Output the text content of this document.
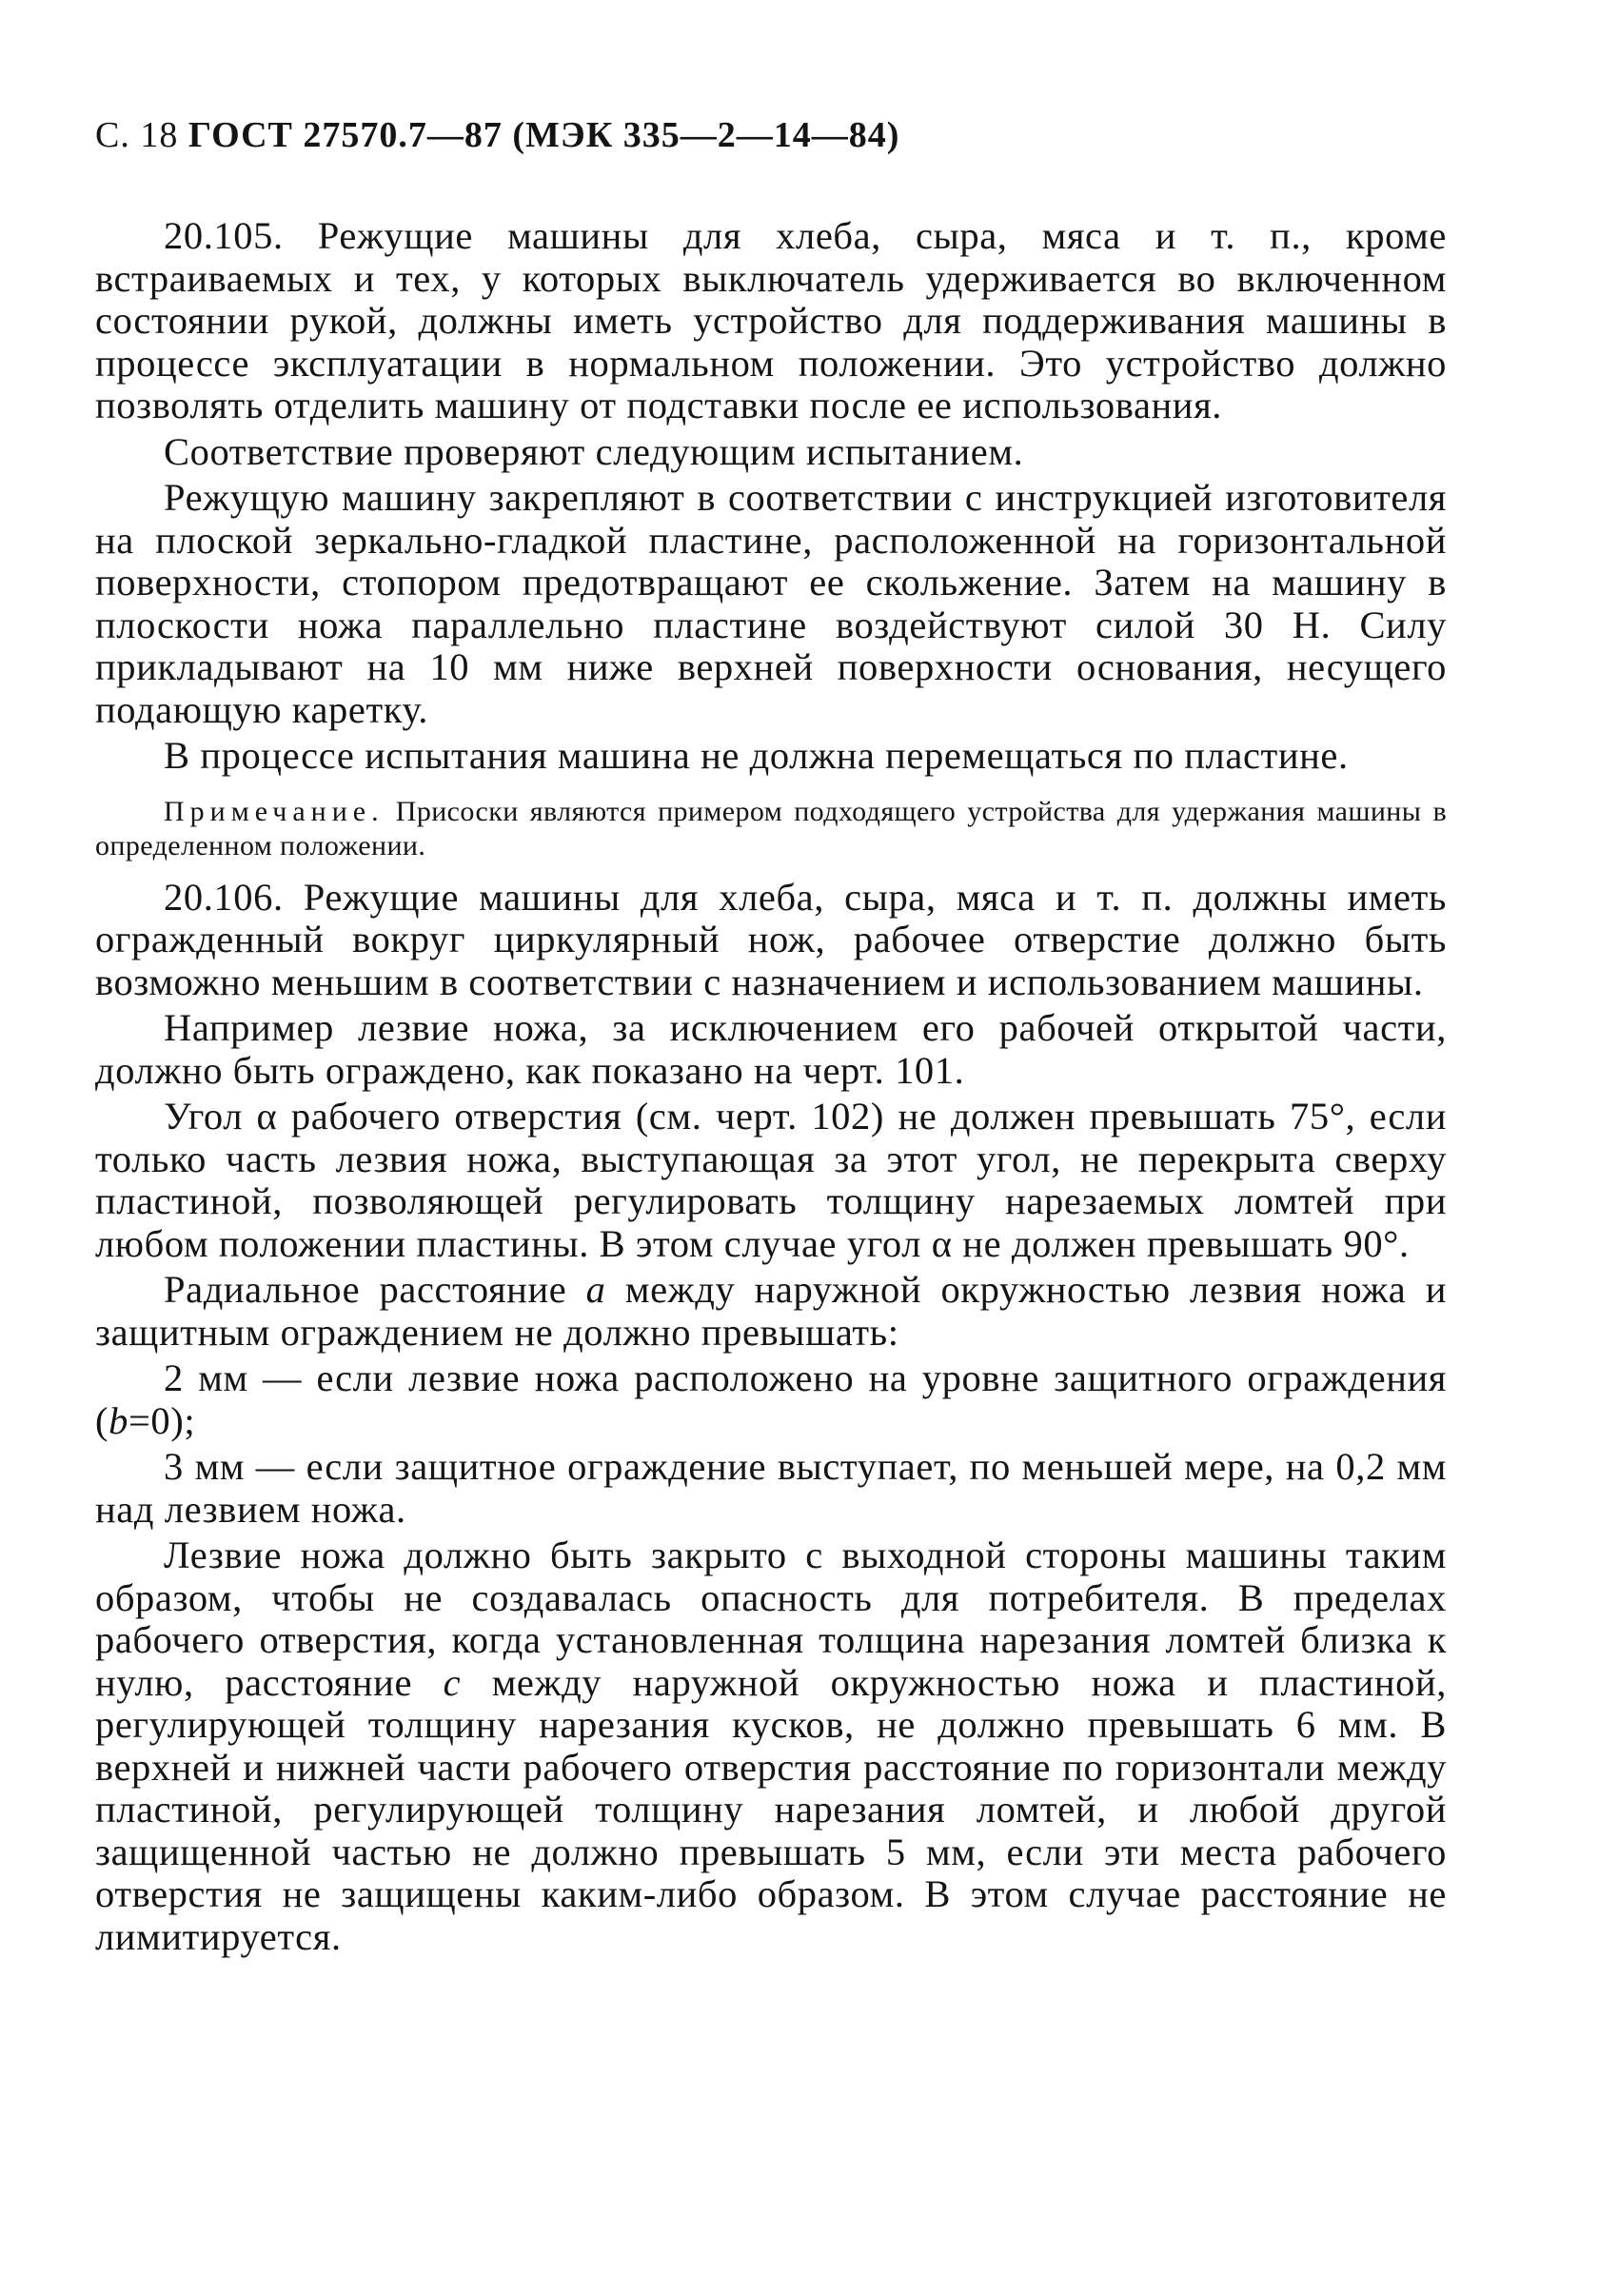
С. 18 ГОСТ 27570.7—87 (МЭК 335—2—14—84)

20.105. Режущие машины для хлеба, сыра, мяса и т. п., кроме встраиваемых и тех, у которых выключатель удерживается во включенном состоянии рукой, должны иметь устройство для поддерживания машины в процессе эксплуатации в нормальном положении. Это устройство должно позволять отделить машину от подставки после ее использования.

Соответствие проверяют следующим испытанием.

Режущую машину закрепляют в соответствии с инструкцией изготовителя на плоской зеркально-гладкой пластине, расположенной на горизонтальной поверхности, стопором предотвращают ее скольжение. Затем на машину в плоскости ножа параллельно пластине воздействуют силой 30 Н. Силу прикладывают на 10 мм ниже верхней поверхности основания, несущего подающую каретку.

В процессе испытания машина не должна перемещаться по пластине.

Примечание. Присоски являются примером подходящего устройства для удержания машины в определенном положении.

20.106. Режущие машины для хлеба, сыра, мяса и т. п. должны иметь огражденный вокруг циркулярный нож, рабочее отверстие должно быть возможно меньшим в соответствии с назначением и использованием машины.

Например лезвие ножа, за исключением его рабочей открытой части, должно быть ограждено, как показано на черт. 101.

Угол α рабочего отверстия (см. черт. 102) не должен превышать 75°, если только часть лезвия ножа, выступающая за этот угол, не перекрыта сверху пластиной, позволяющей регулировать толщину нарезаемых ломтей при любом положении пластины. В этом случае угол α не должен превышать 90°.

Радиальное расстояние a между наружной окружностью лезвия ножа и защитным ограждением не должно превышать:

2 мм — если лезвие ножа расположено на уровне защитного ограждения (b=0);

3 мм — если защитное ограждение выступает, по меньшей мере, на 0,2 мм над лезвием ножа.

Лезвие ножа должно быть закрыто с выходной стороны машины таким образом, чтобы не создавалась опасность для потребителя. В пределах рабочего отверстия, когда установленная толщина нарезания ломтей близка к нулю, расстояние c между наружной окружностью ножа и пластиной, регулирующей толщину нарезания кусков, не должно превышать 6 мм. В верхней и нижней части рабочего отверстия расстояние по горизонтали между пластиной, регулирующей толщину нарезания ломтей, и любой другой защищенной частью не должно превышать 5 мм, если эти места рабочего отверстия не защищены каким-либо образом. В этом случае расстояние не лимитируется.
